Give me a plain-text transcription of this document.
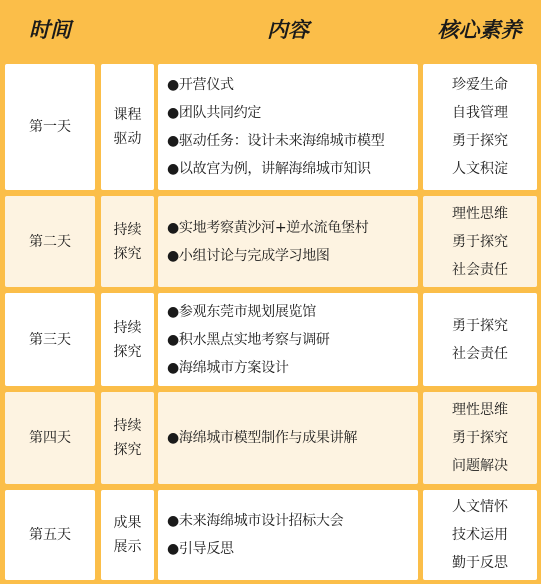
时间	内容	核心素养
第一天
课程
驱动
●开营仪式
●团队共同约定
●驱动任务：设计未来海绵城市模型
●以故宫为例，讲解海绵城市知识
珍爱生命
自我管理
勇于探究
人文积淀
第二天
持续
探究
●实地考察黄沙河+逆水流龟堡村
●小组讨论与完成学习地图
理性思维
勇于探究
社会责任
第三天
持续
探究
●参观东莞市规划展览馆
●积水黑点实地考察与调研
●海绵城市方案设计
勇于探究
社会责任
第四天
持续
探究
●海绵城市模型制作与成果讲解
理性思维
勇于探究
问题解决
第五天
成果
展示
●未来海绵城市设计招标大会
●引导反思
人文情怀
技术运用
勤于反思
